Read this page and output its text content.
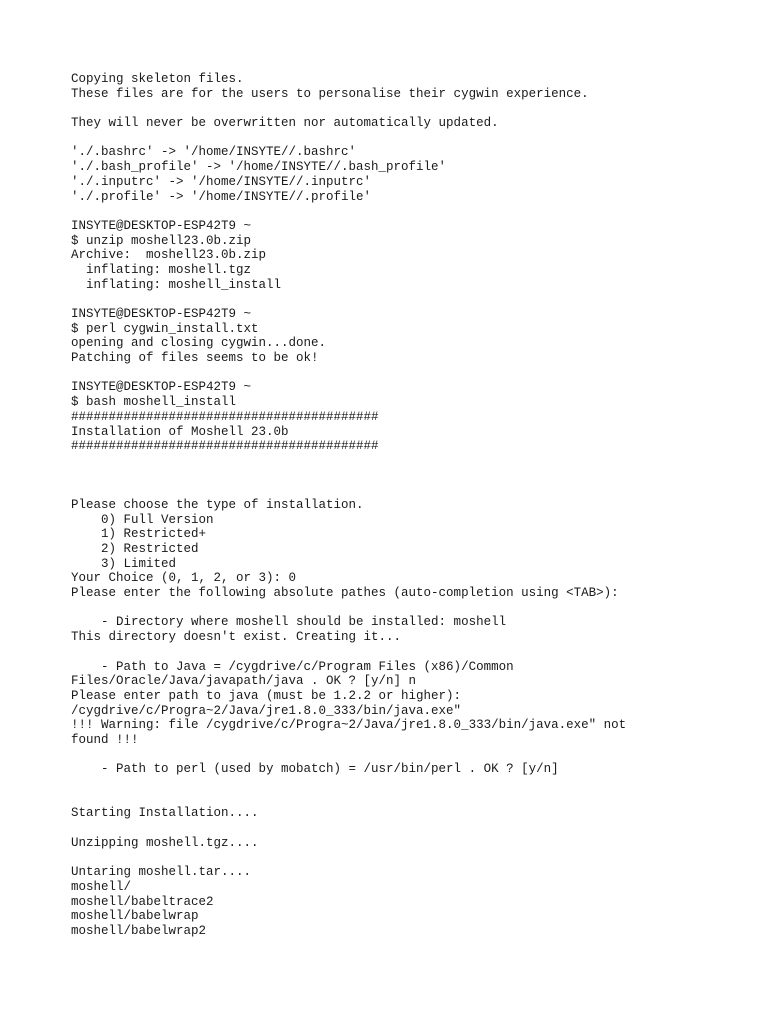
Copying skeleton files.
These files are for the users to personalise their cygwin experience.
They will never be overwritten nor automatically updated.
'./.bashrc' -> '/home/INSYTE//.bashrc'
'./.bash_profile' -> '/home/INSYTE//.bash_profile'
'./.inputrc' -> '/home/INSYTE//.inputrc'
'./.profile' -> '/home/INSYTE//.profile'
INSYTE@DESKTOP-ESP42T9 ~
$ unzip moshell23.0b.zip
Archive:  moshell23.0b.zip
inflating: moshell.tgz
inflating: moshell_install
INSYTE@DESKTOP-ESP42T9 ~
$ perl cygwin_install.txt
opening and closing cygwin...done.
Patching of files seems to be ok!
INSYTE@DESKTOP-ESP42T9 ~
$ bash moshell_install
#########################################
Installation of Moshell 23.0b
#########################################
Please choose the type of installation.
0) Full Version
1) Restricted+
2) Restricted
3) Limited
Your Choice (0, 1, 2, or 3): 0
Please enter the following absolute pathes (auto-completion using <TAB>):
- Directory where moshell should be installed: moshell
This directory doesn't exist. Creating it...
- Path to Java = /cygdrive/c/Program Files (x86)/Common
Files/Oracle/Java/javapath/java . OK ? [y/n] n
Please enter path to java (must be 1.2.2 or higher):
/cygdrive/c/Progra~2/Java/jre1.8.0_333/bin/java.exe"
!!! Warning: file /cygdrive/c/Progra~2/Java/jre1.8.0_333/bin/java.exe" not
found !!!
- Path to perl (used by mobatch) = /usr/bin/perl . OK ? [y/n]
Starting Installation....
Unzipping moshell.tgz....
Untaring moshell.tar....
moshell/
moshell/babeltrace2
moshell/babelwrap
moshell/babelwrap2
